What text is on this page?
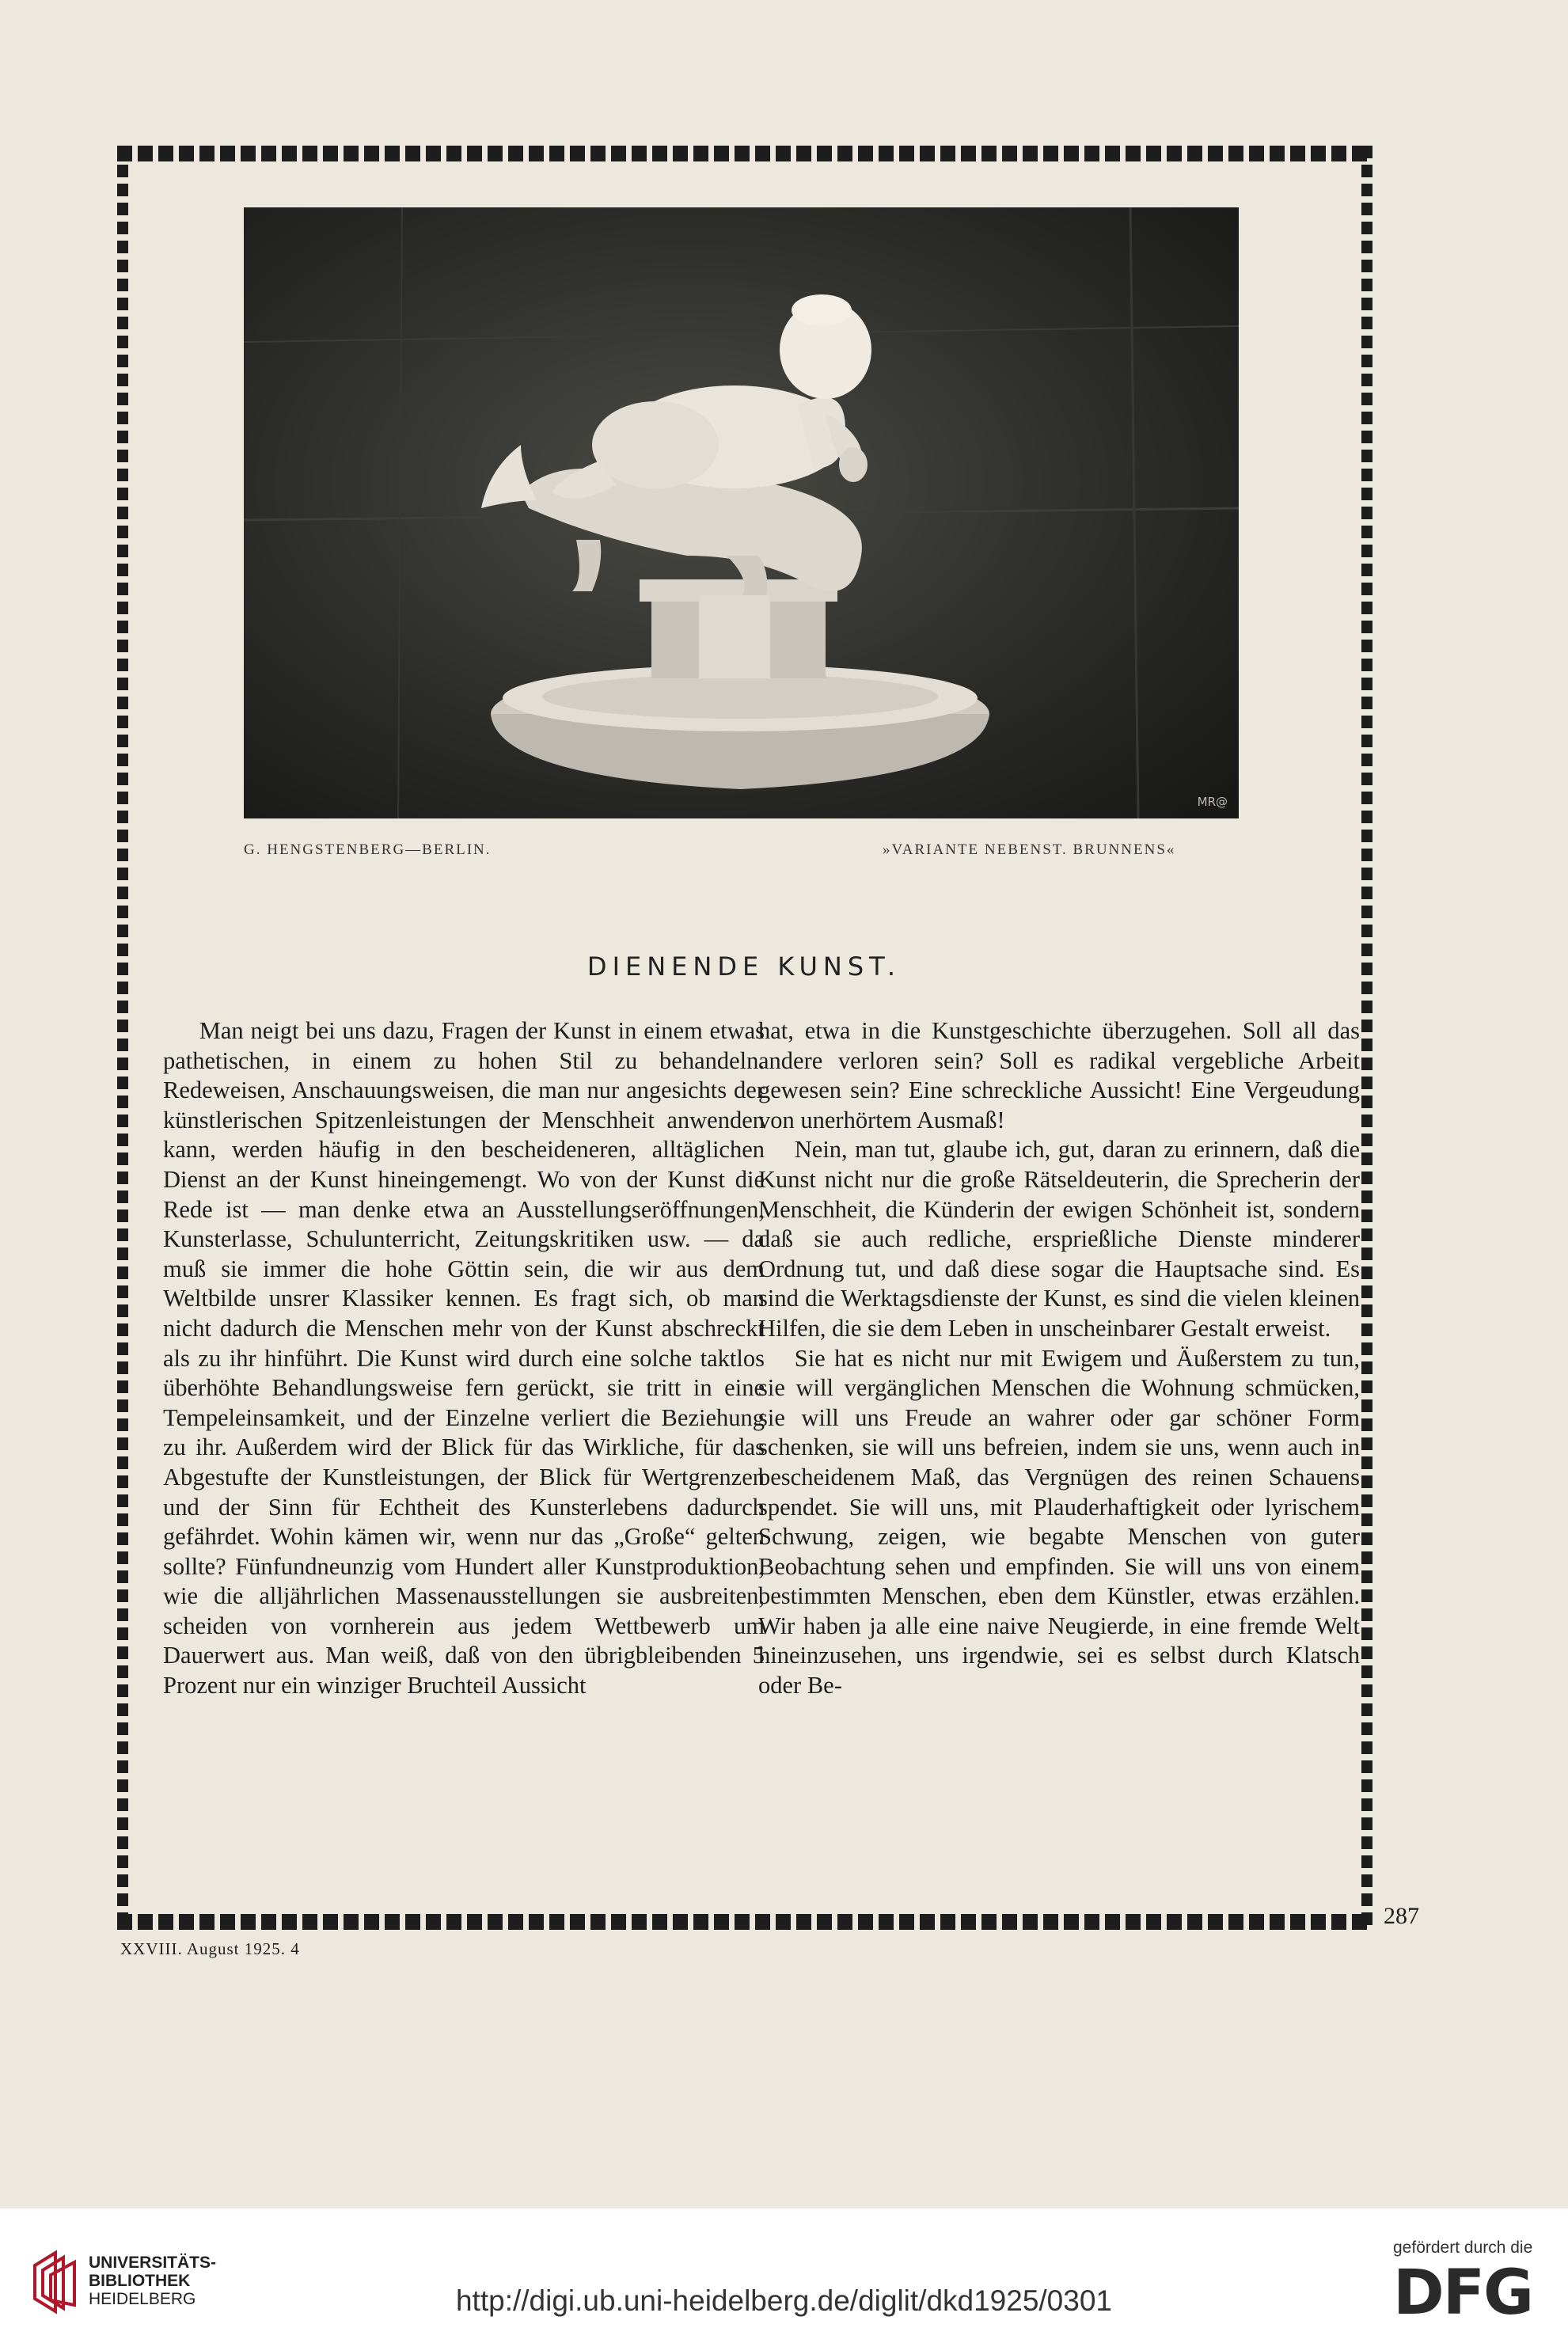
MR@
G. HENGSTENBERG—BERLIN.	»VARIANTE NEBENST. BRUNNENS«
DIENENDE KUNST.

Man neigt bei uns dazu, Fragen der Kunst in einem etwas pathetischen, in einem zu hohen Stil zu behandeln. Redeweisen, Anschauungsweisen, die man nur angesichts der künstlerischen Spitzenleistungen der Menschheit anwenden kann, werden häufig in den bescheideneren, alltäglichen Dienst an der Kunst hineingemengt. Wo von der Kunst die Rede ist — man denke etwa an Ausstellungseröffnungen, Kunsterlasse, Schulunterricht, Zeitungskritiken usw. — da muß sie immer die hohe Göttin sein, die wir aus dem Weltbilde unsrer Klassiker kennen. Es fragt sich, ob man nicht dadurch die Menschen mehr von der Kunst abschreckt als zu ihr hinführt. Die Kunst wird durch eine solche taktlos überhöhte Behandlungsweise fern gerückt, sie tritt in eine Tempeleinsamkeit, und der Einzelne verliert die Beziehung zu ihr. Außerdem wird der Blick für das Wirkliche, für das Abgestufte der Kunstleistungen, der Blick für Wertgrenzen und der Sinn für Echtheit des Kunsterlebens dadurch gefährdet. Wohin kämen wir, wenn nur das „Große“ gelten sollte? Fünfundneunzig vom Hundert aller Kunstproduktion, wie die alljährlichen Massenausstellungen sie ausbreiten, scheiden von vornherein aus jedem Wettbewerb um Dauerwert aus. Man weiß, daß von den übrigbleibenden 5 Prozent nur ein winziger Bruchteil Aussicht

hat, etwa in die Kunstgeschichte überzugehen. Soll all das andere verloren sein? Soll es radikal vergebliche Arbeit gewesen sein? Eine schreckliche Aussicht! Eine Vergeudung von unerhörtem Ausmaß!

Nein, man tut, glaube ich, gut, daran zu erinnern, daß die Kunst nicht nur die große Rätseldeuterin, die Sprecherin der Menschheit, die Künderin der ewigen Schönheit ist, sondern daß sie auch redliche, ersprießliche Dienste minderer Ordnung tut, und daß diese sogar die Hauptsache sind. Es sind die Werktagsdienste der Kunst, es sind die vielen kleinen Hilfen, die sie dem Leben in unscheinbarer Gestalt erweist.

Sie hat es nicht nur mit Ewigem und Äußerstem zu tun, sie will vergänglichen Menschen die Wohnung schmücken, sie will uns Freude an wahrer oder gar schöner Form schenken, sie will uns befreien, indem sie uns, wenn auch in bescheidenem Maß, das Vergnügen des reinen Schauens spendet. Sie will uns, mit Plauderhaftigkeit oder lyrischem Schwung, zeigen, wie begabte Menschen von guter Beobachtung sehen und empfinden. Sie will uns von einem bestimmten Menschen, eben dem Künstler, etwas erzählen. Wir haben ja alle eine naive Neugierde, in eine fremde Welt hineinzusehen, uns irgendwie, sei es selbst durch Klatsch oder Be-

287
XXVIII. August 1925. 4
UNIVERSITÄTS-
BIBLIOTHEK
HEIDELBERG	http://digi.ub.uni-heidelberg.de/diglit/dkd1925/0301
gefördert durch die
DFG
